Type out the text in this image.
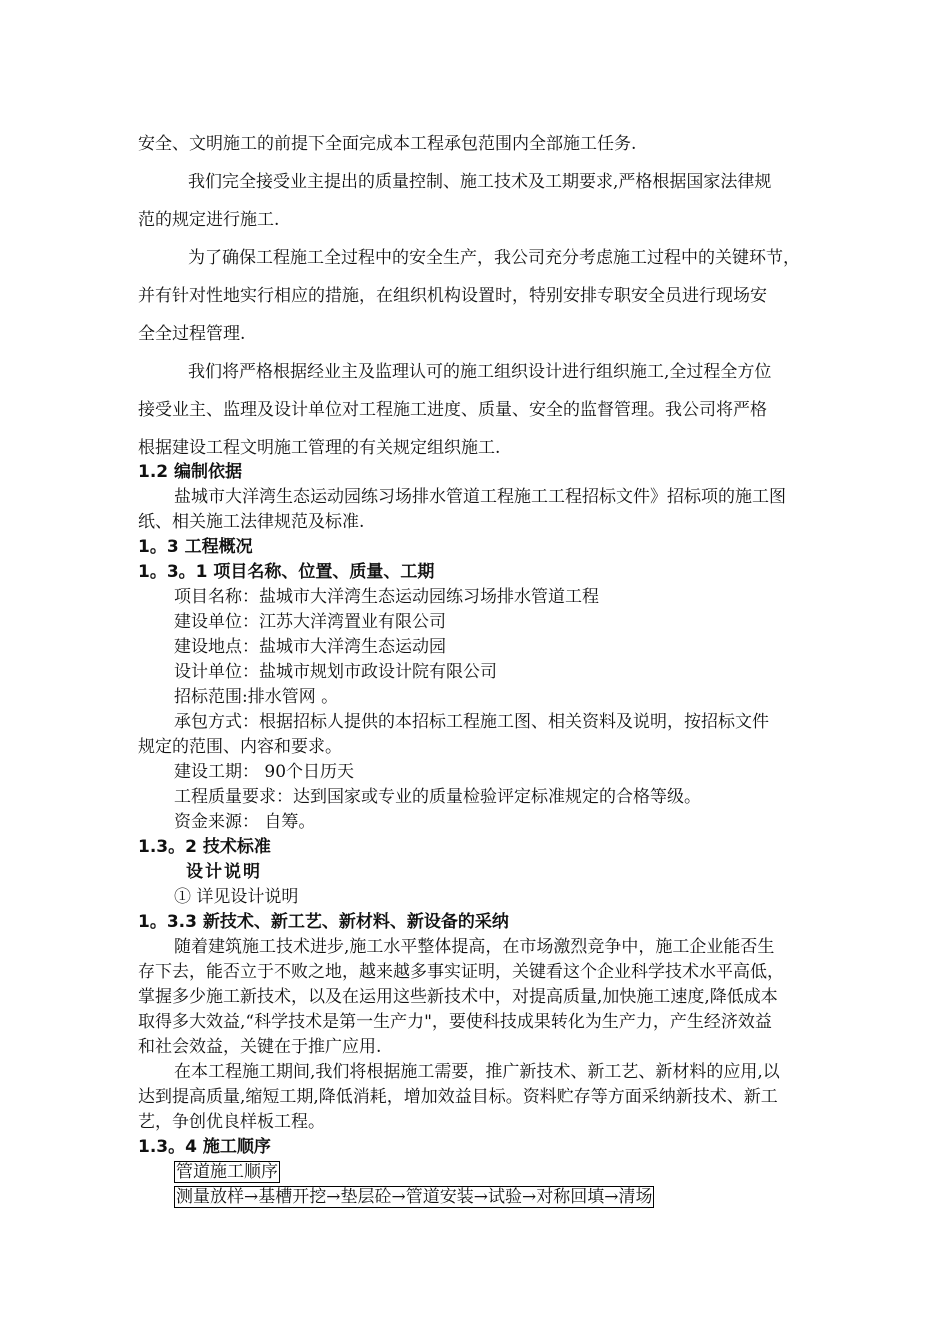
安全、文明施工的前提下全面完成本工程承包范围内全部施工任务.
我们完全接受业主提出的质量控制、施工技术及工期要求,严格根据国家法律规
范的规定进行施工.
为了确保工程施工全过程中的安全生产，我公司充分考虑施工过程中的关键环节，
并有针对性地实行相应的措施，在组织机构设置时，特别安排专职安全员进行现场安
全全过程管理.
我们将严格根据经业主及监理认可的施工组织设计进行组织施工,全过程全方位
接受业主、监理及设计单位对工程施工进度、质量、安全的监督管理。我公司将严格
根据建设工程文明施工管理的有关规定组织施工.
1.2 编制依据
盐城市大洋湾生态运动园练习场排水管道工程施工工程招标文件》招标项的施工图
纸、相关施工法律规范及标准.
1。3 工程概况
1。3。1 项目名称、位置、质量、工期
项目名称：盐城市大洋湾生态运动园练习场排水管道工程
建设单位：江苏大洋湾置业有限公司
建设地点：盐城市大洋湾生态运动园
设计单位：盐城市规划市政设计院有限公司
招标范围:排水管网 。
承包方式：根据招标人提供的本招标工程施工图、相关资料及说明，按招标文件
规定的范围、内容和要求。
建设工期： 90个日历天
工程质量要求：达到国家或专业的质量检验评定标准规定的合格等级。
资金来源： 自筹。
1.3。2 技术标准
设计说明
① 详见设计说明
1。3.3 新技术、新工艺、新材料、新设备的采纳
随着建筑施工技术进步,施工水平整体提高，在市场激烈竞争中，施工企业能否生
存下去，能否立于不败之地，越来越多事实证明，关键看这个企业科学技术水平高低，
掌握多少施工新技术，以及在运用这些新技术中，对提高质量,加快施工速度,降低成本
取得多大效益,“科学技术是第一生产力"，要使科技成果转化为生产力，产生经济效益
和社会效益，关键在于推广应用.
在本工程施工期间,我们将根据施工需要，推广新技术、新工艺、新材料的应用,以
达到提高质量,缩短工期,降低消耗，增加效益目标。资料贮存等方面采纳新技术、新工
艺，争创优良样板工程。
1.3。4 施工顺序
管道施工顺序
测量放样→基槽开挖→垫层砼→管道安装→试验→对称回填→清场
